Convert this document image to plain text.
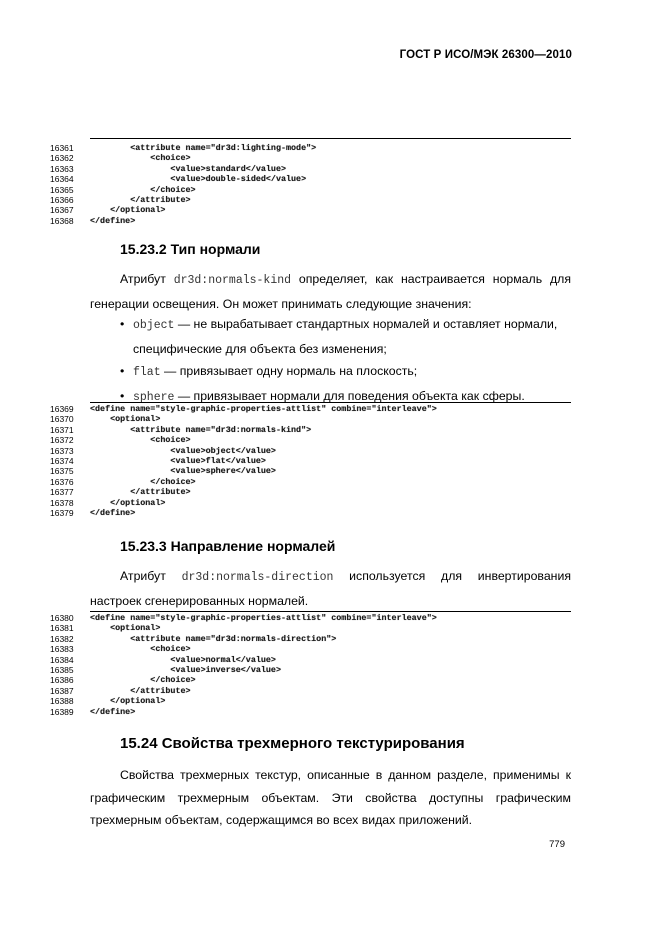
ГОСТ Р ИСО/МЭК 26300—2010
16361	<attribute name="dr3d:lighting-mode">
16362	<choice>
16363	<value>standard</value>
16364	<value>double-sided</value>
16365	</choice>
16366	</attribute>
16367	</optional>
16368	</define>
15.23.2 Тип нормали
Атрибут dr3d:normals-kind определяет, как настраивается нормаль для генерации освещения. Он может принимать следующие значения:
• object — не вырабатывает стандартных нормалей и оставляет нормали, специфические для объекта без изменения;
• flat — привязывает одну нормаль на плоскость;
• sphere — привязывает нормали для поведения объекта как сферы.
16369	<define name="style-graphic-properties-attlist" combine="interleave">
16370	<optional>
16371	<attribute name="dr3d:normals-kind">
16372	<choice>
16373	<value>object</value>
16374	<value>flat</value>
16375	<value>sphere</value>
16376	</choice>
16377	</attribute>
16378	</optional>
16379	</define>
15.23.3 Направление нормалей
Атрибут dr3d:normals-direction используется для инвертирования настроек сгенерированных нормалей.
16380	<define name="style-graphic-properties-attlist" combine="interleave">
16381	<optional>
16382	<attribute name="dr3d:normals-direction">
16383	<choice>
16384	<value>normal</value>
16385	<value>inverse</value>
16386	</choice>
16387	</attribute>
16388	</optional>
16389	</define>
15.24 Свойства трехмерного текстурирования
Свойства трехмерных текстур, описанные в данном разделе, применимы к графическим трехмерным объектам. Эти свойства доступны графическим трехмерным объектам, содержащимся во всех видах приложений.
779
